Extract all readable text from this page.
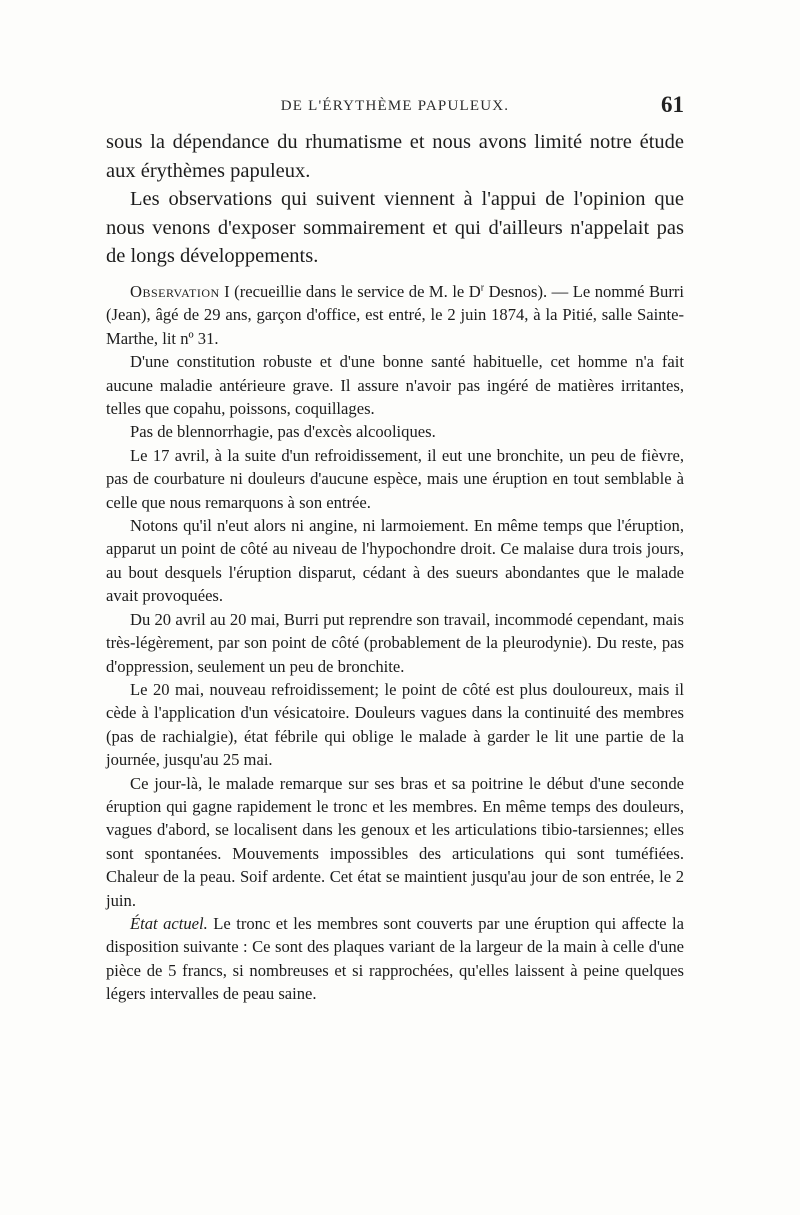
DE L'ÉRYTHÈME PAPULEUX.	61

sous la dépendance du rhumatisme et nous avons limité notre étude aux érythèmes papuleux.

Les observations qui suivent viennent à l'appui de l'opinion que nous venons d'exposer sommairement et qui d'ailleurs n'appelait pas de longs développements.

Observation I (recueillie dans le service de M. le $D^r$ Desnos). — Le nommé Burri (Jean), âgé de 29 ans, garçon d'office, est entré, le 2 juin 1874, à la Pitié, salle Sainte-Marthe, lit nº 31.

D'une constitution robuste et d'une bonne santé habituelle, cet homme n'a fait aucune maladie antérieure grave. Il assure n'avoir pas ingéré de matières irritantes, telles que copahu, poissons, coquillages.

Pas de blennorrhagie, pas d'excès alcooliques.

Le 17 avril, à la suite d'un refroidissement, il eut une bronchite, un peu de fièvre, pas de courbature ni douleurs d'aucune espèce, mais une éruption en tout semblable à celle que nous remarquons à son entrée.

Notons qu'il n'eut alors ni angine, ni larmoiement. En même temps que l'éruption, apparut un point de côté au niveau de l'hypochondre droit. Ce malaise dura trois jours, au bout desquels l'éruption disparut, cédant à des sueurs abondantes que le malade avait provoquées.

Du 20 avril au 20 mai, Burri put reprendre son travail, incommodé cependant, mais très-légèrement, par son point de côté (probablement de la pleurodynie). Du reste, pas d'oppression, seulement un peu de bronchite.

Le 20 mai, nouveau refroidissement; le point de côté est plus douloureux, mais il cède à l'application d'un vésicatoire. Douleurs vagues dans la continuité des membres (pas de rachialgie), état fébrile qui oblige le malade à garder le lit une partie de la journée, jusqu'au 25 mai.

Ce jour-là, le malade remarque sur ses bras et sa poitrine le début d'une seconde éruption qui gagne rapidement le tronc et les membres. En même temps des douleurs, vagues d'abord, se localisent dans les genoux et les articulations tibio-tarsiennes; elles sont spontanées. Mouvements impossibles des articulations qui sont tuméfiées. Chaleur de la peau. Soif ardente. Cet état se maintient jusqu'au jour de son entrée, le 2 juin.

État actuel. Le tronc et les membres sont couverts par une éruption qui affecte la disposition suivante : Ce sont des plaques variant de la largeur de la main à celle d'une pièce de 5 francs, si nombreuses et si rapprochées, qu'elles laissent à peine quelques légers intervalles de peau saine.
